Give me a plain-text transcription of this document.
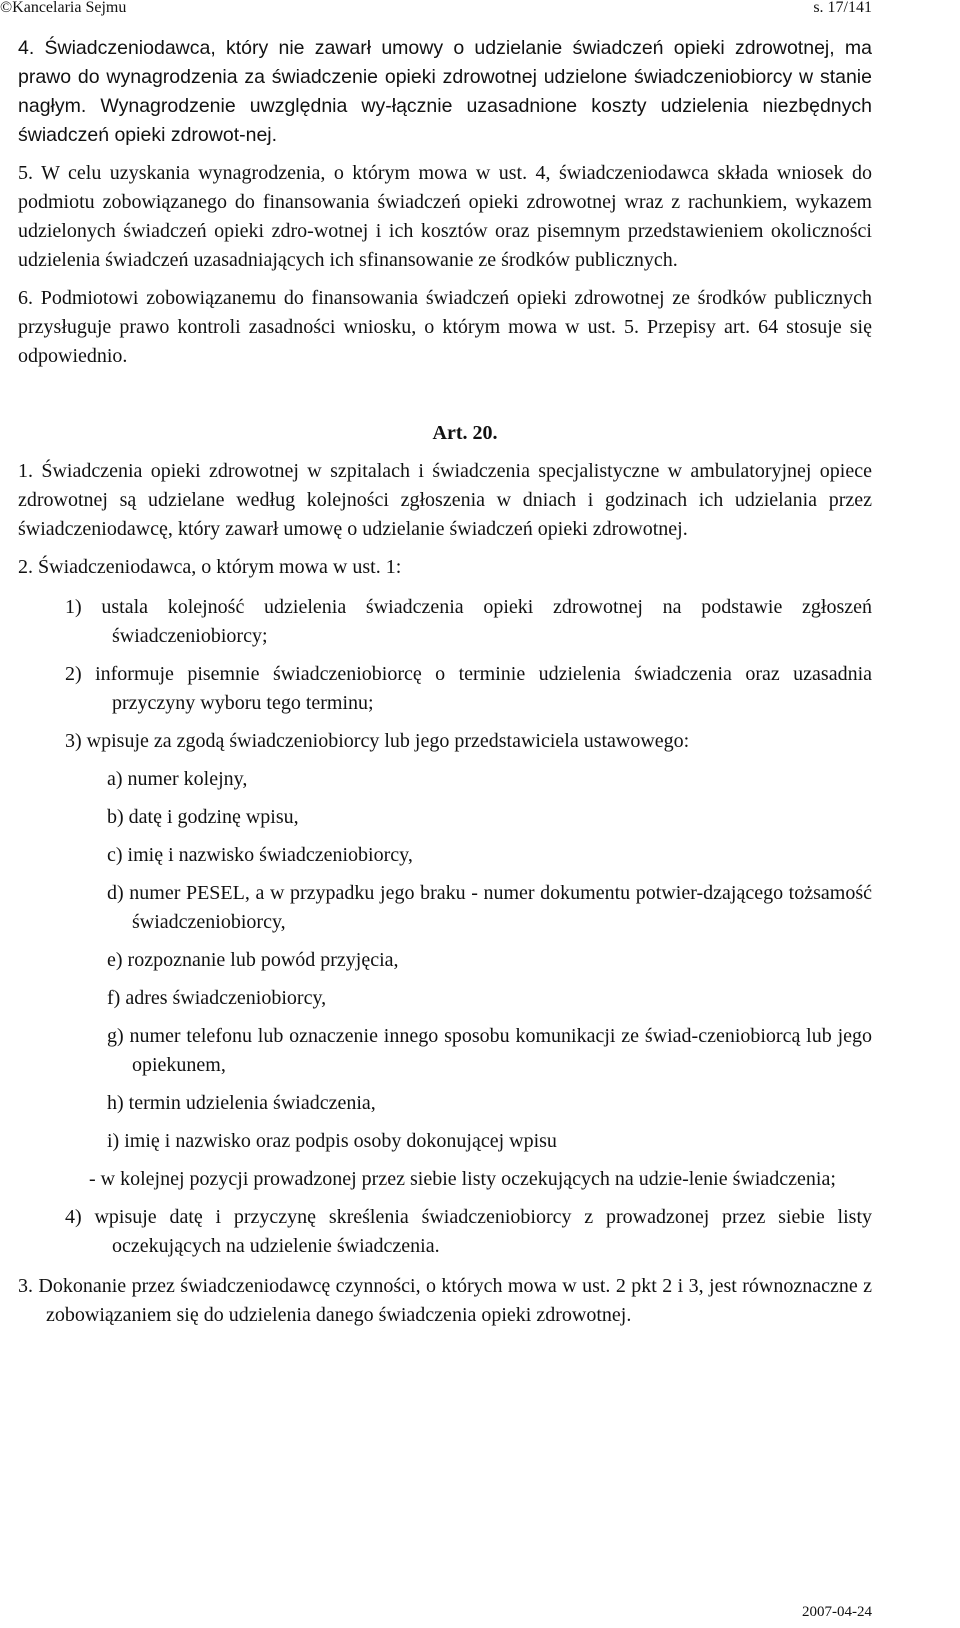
©Kancelaria Sejmu	s. 17/141

4. Świadczeniodawca, który nie zawarł umowy o udzielanie świadczeń opieki zdrowotnej, ma prawo do wynagrodzenia za świadczenie opieki zdrowotnej udzielone świadczeniobiorcy w stanie nagłym. Wynagrodzenie uwzględnia wy-łącznie uzasadnione koszty udzielenia niezbędnych świadczeń opieki zdrowot-nej.

5. W celu uzyskania wynagrodzenia, o którym mowa w ust. 4, świadczeniodawca składa wniosek do podmiotu zobowiązanego do finansowania świadczeń opieki zdrowotnej wraz z rachunkiem, wykazem udzielonych świadczeń opieki zdro-wotnej i ich kosztów oraz pisemnym przedstawieniem okoliczności udzielenia świadczeń uzasadniających ich sfinansowanie ze środków publicznych.

6. Podmiotowi zobowiązanemu do finansowania świadczeń opieki zdrowotnej ze środków publicznych przysługuje prawo kontroli zasadności wniosku, o którym mowa w ust. 5. Przepisy art. 64 stosuje się odpowiednio.

Art. 20.

1. Świadczenia opieki zdrowotnej w szpitalach i świadczenia specjalistyczne w ambulatoryjnej opiece zdrowotnej są udzielane według kolejności zgłoszenia w dniach i godzinach ich udzielania przez świadczeniodawcę, który zawarł umowę o udzielanie świadczeń opieki zdrowotnej.

2. Świadczeniodawca, o którym mowa w ust. 1:

1) ustala kolejność udzielenia świadczenia opieki zdrowotnej na podstawie zgłoszeń świadczeniobiorcy;

2) informuje pisemnie świadczeniobiorcę o terminie udzielenia świadczenia oraz uzasadnia przyczyny wyboru tego terminu;

3) wpisuje za zgodą świadczeniobiorcy lub jego przedstawiciela ustawowego:

a) numer kolejny,

b) datę i godzinę wpisu,

c) imię i nazwisko świadczeniobiorcy,

d) numer PESEL, a w przypadku jego braku - numer dokumentu potwier-dzającego tożsamość świadczeniobiorcy,

e) rozpoznanie lub powód przyjęcia,

f) adres świadczeniobiorcy,

g) numer telefonu lub oznaczenie innego sposobu komunikacji ze świad-czeniobiorcą lub jego opiekunem,

h) termin udzielenia świadczenia,

i) imię i nazwisko oraz podpis osoby dokonującej wpisu

- w kolejnej pozycji prowadzonej przez siebie listy oczekujących na udzie-lenie świadczenia;

4) wpisuje datę i przyczynę skreślenia świadczeniobiorcy z prowadzonej przez siebie listy oczekujących na udzielenie świadczenia.

3. Dokonanie przez świadczeniodawcę czynności, o których mowa w ust. 2 pkt 2 i 3, jest równoznaczne z zobowiązaniem się do udzielenia danego świadczenia opieki zdrowotnej.

2007-04-24
